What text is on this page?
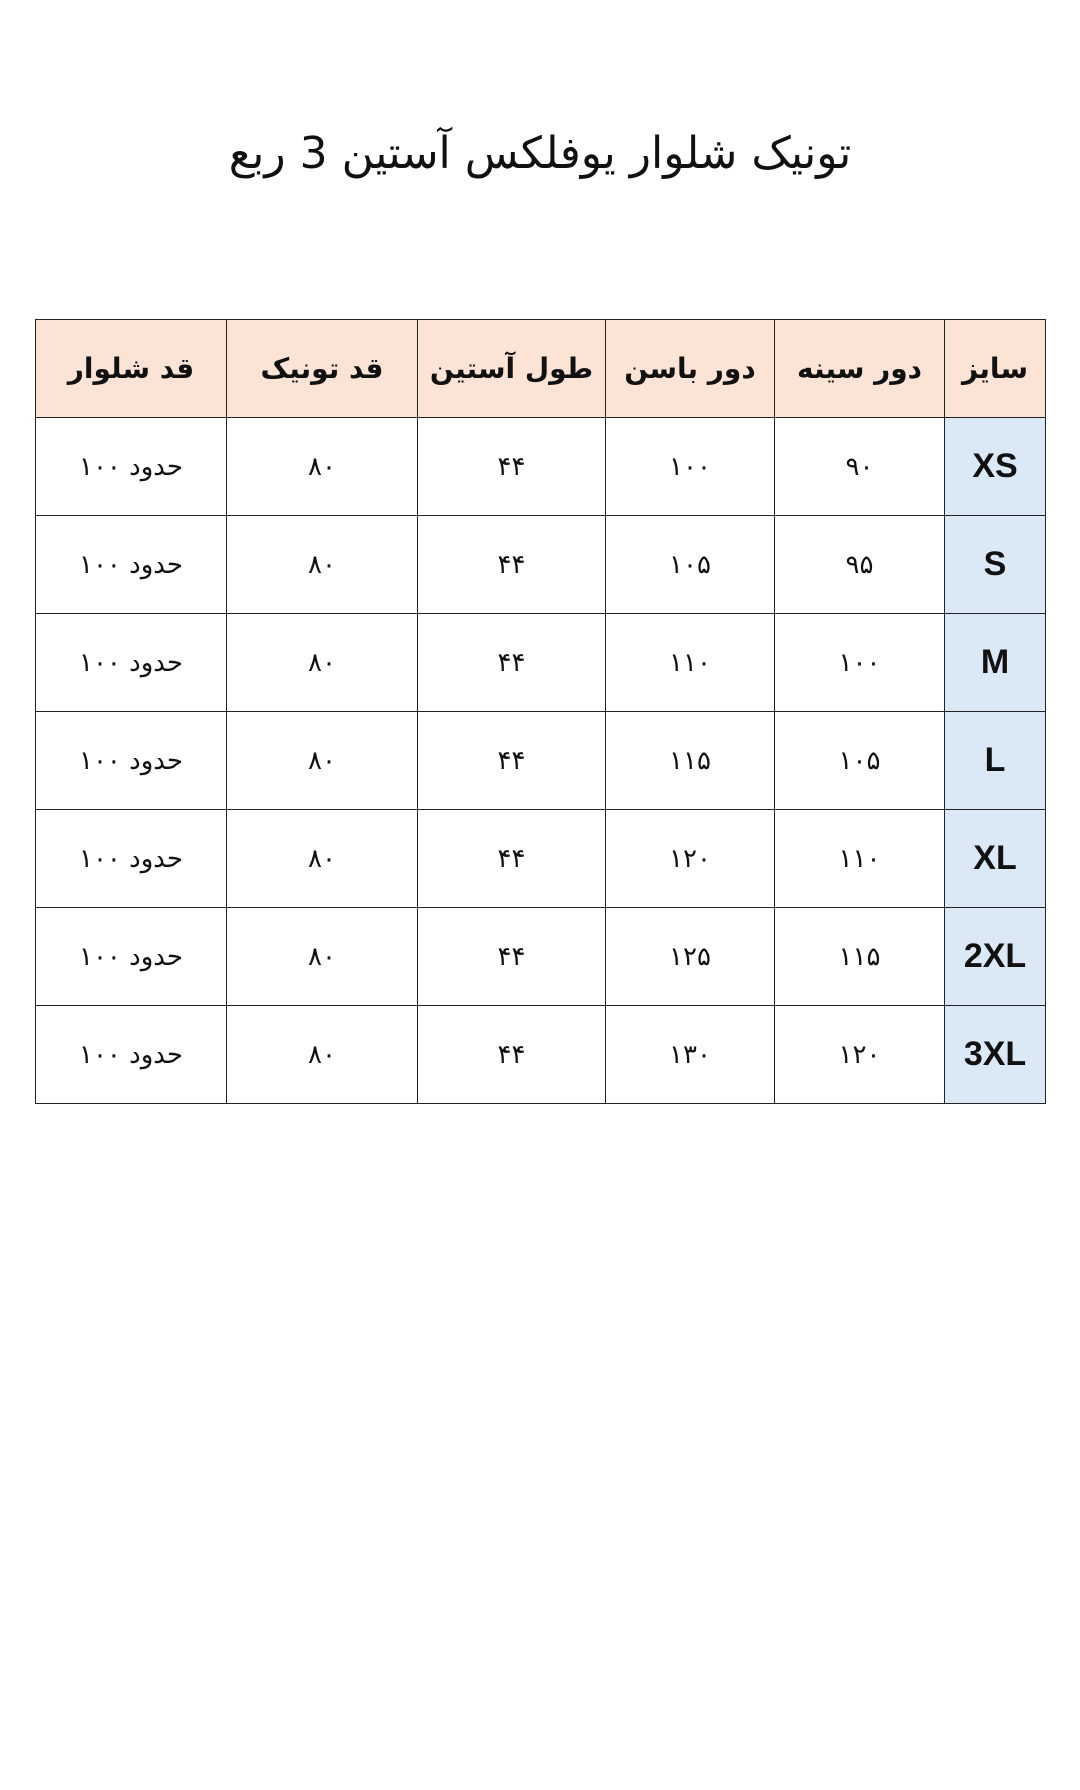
تونیک شلوار یوفلکس آستین 3 ربع
سایز	دور سینه	دور باسن	طول آستین	قد تونیک	قد شلوار
XS	۹۰	۱۰۰	۴۴	۸۰	حدود ۱۰۰
S	۹۵	۱۰۵	۴۴	۸۰	حدود ۱۰۰
M	۱۰۰	۱۱۰	۴۴	۸۰	حدود ۱۰۰
L	۱۰۵	۱۱۵	۴۴	۸۰	حدود ۱۰۰
XL	۱۱۰	۱۲۰	۴۴	۸۰	حدود ۱۰۰
2XL	۱۱۵	۱۲۵	۴۴	۸۰	حدود ۱۰۰
3XL	۱۲۰	۱۳۰	۴۴	۸۰	حدود ۱۰۰
